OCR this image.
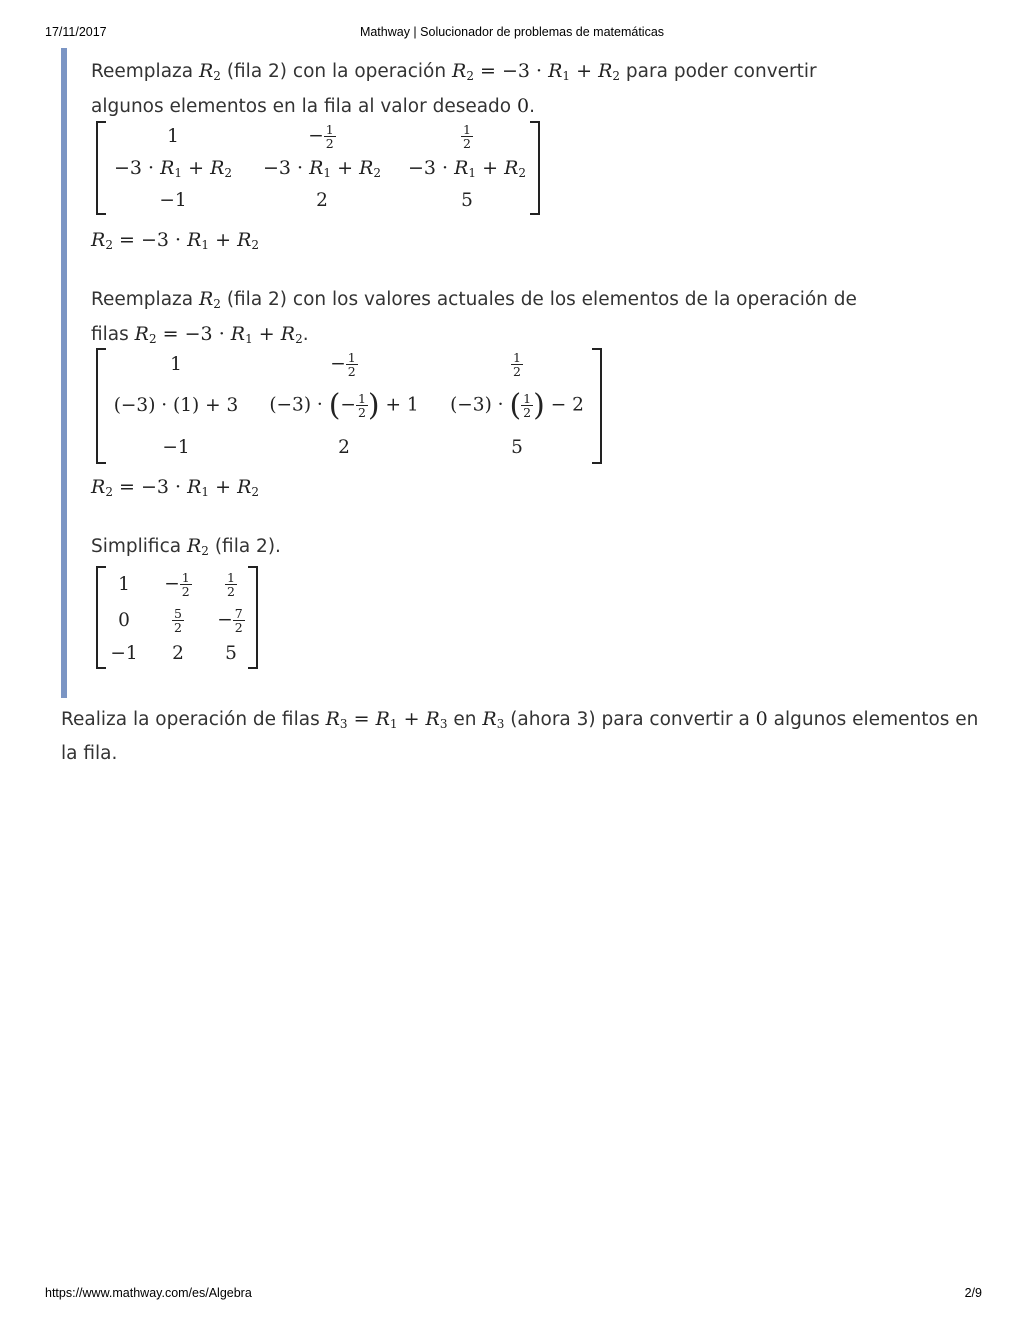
17/11/2017	Mathway | Solucionador de problemas de matemáticas
https://www.mathway.com/es/Algebra	2/9
Reemplaza $R_2$ (fila 2) con la operación $R_2 = -3 \cdot R_1 + R_2$ para poder convertir algunos elementos en la fila al valor deseado 0.
1	− $\frac{1}{2}$	$\frac{1}{2}$

$-3 \cdot R_1 + R_2$	$-3 \cdot R_1 + R_2$	$-3 \cdot R_1 + R_2$
−1	2	5
$R_2 = -3 \cdot R_1 + R_2$
Reemplaza $R_2$ (fila 2) con los valores actuales de los elementos de la operación de filas $R_2 = -3 \cdot R_1 + R_2$.
1	− $\frac{1}{2}$	$\frac{1}{2}$

(−3) · (1) + 3	(−3) · (− $\frac{1}{2}$ ) + 1	(−3) · ( $\frac{1}{2}$ ) − 2
−1	2	5
$R_2 = -3 \cdot R_1 + R_2$
Simplifica $R_2$ (fila 2).
1	− $\frac{1}{2}$	$\frac{1}{2}$

0	$\frac{5}{2}$	− $\frac{7}{2}$

−1	2	5
Realiza la operación de filas $R_3 = R_1 + R_3$ en $R_3$ (ahora 3) para convertir a 0 algunos elementos en la fila.
